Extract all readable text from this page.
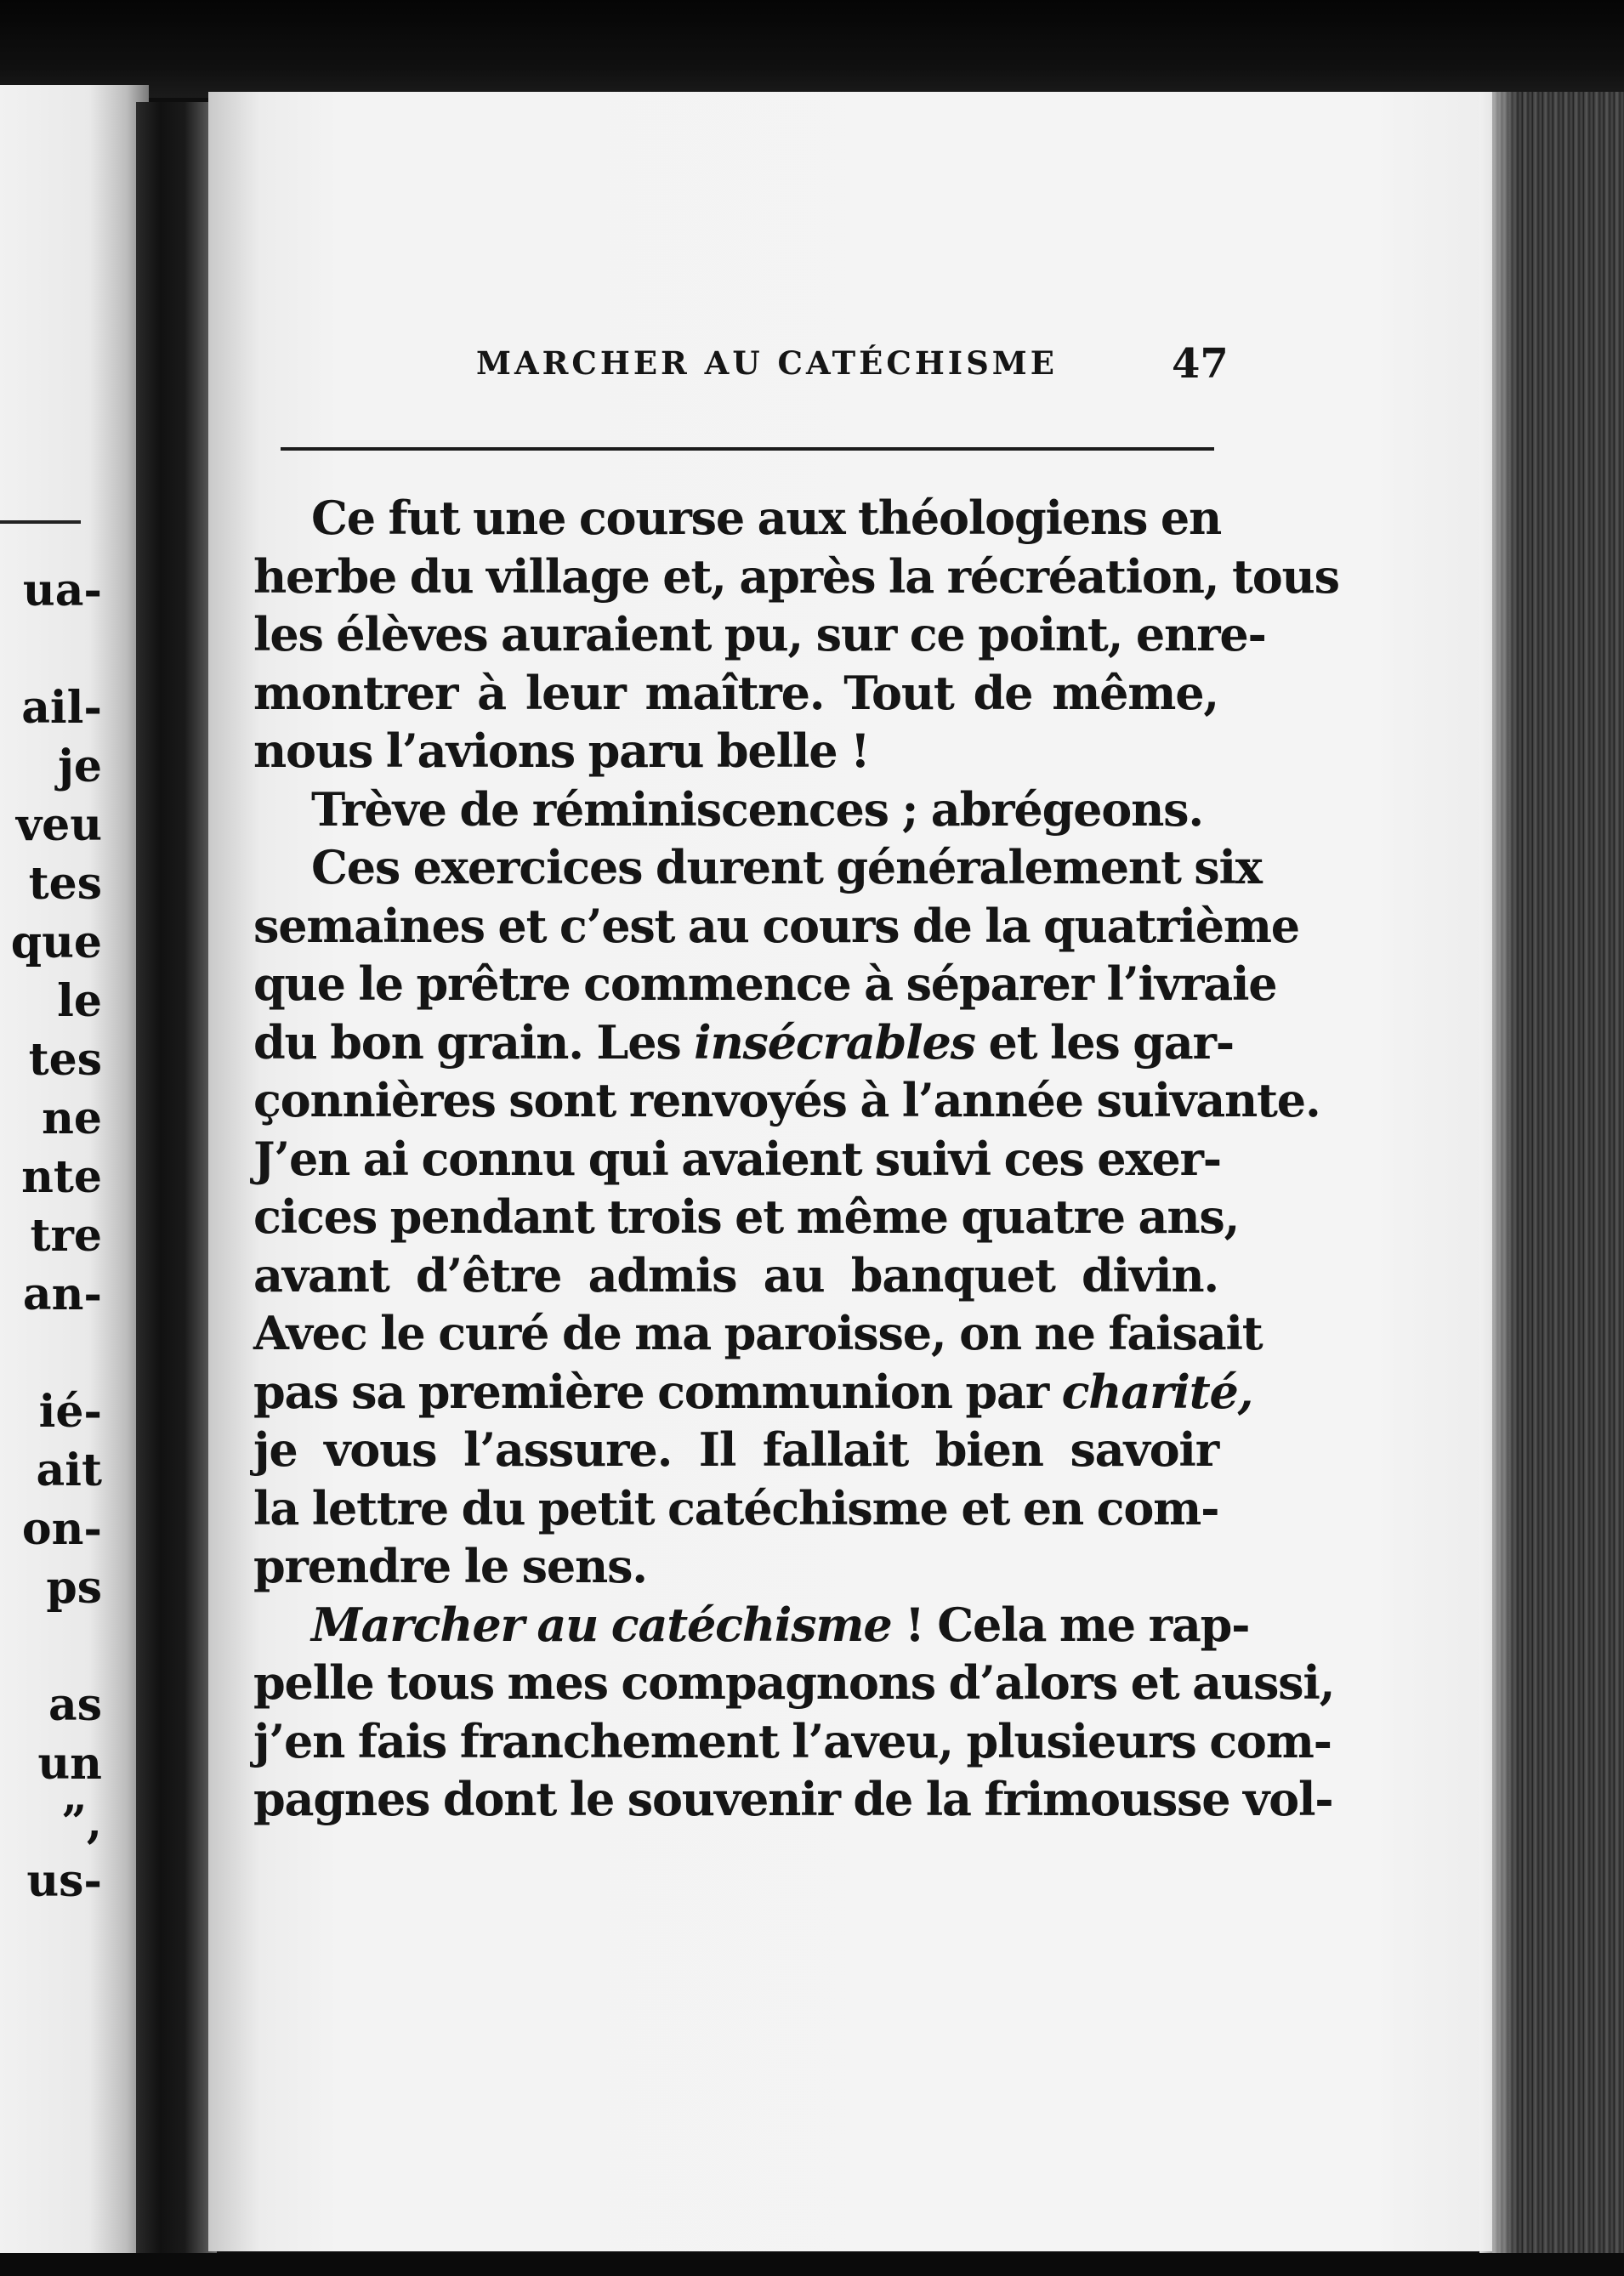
ua-
ail-
je
veu
tes
que
le
tes
ne
nte
tre
an-
ié-
ait
on-
ps
as
un
”,
us-
MARCHER AU CATÉCHISME	47
Ce fut une course aux théologiens en
herbe du village et, après la récréation, tous
les élèves auraient pu, sur ce point, enre-
montrer à leur maître. Tout de même,
nous l’avions paru belle !
Trève de réminiscences ; abrégeons.
Ces exercices durent généralement six
semaines et c’est au cours de la quatrième
que le prêtre commence à séparer l’ivraie
du bon grain. Les insécrables et les gar-
çonnières sont renvoyés à l’année suivante.
J’en ai connu qui avaient suivi ces exer-
cices pendant trois et même quatre ans,
avant d’être admis au banquet divin.
Avec le curé de ma paroisse, on ne faisait
pas sa première communion par charité,
je vous l’assure. Il fallait bien savoir
la lettre du petit catéchisme et en com-
prendre le sens.
Marcher au catéchisme ! Cela me rap-
pelle tous mes compagnons d’alors et aussi,
j’en fais franchement l’aveu, plusieurs com-
pagnes dont le souvenir de la frimousse vol-
